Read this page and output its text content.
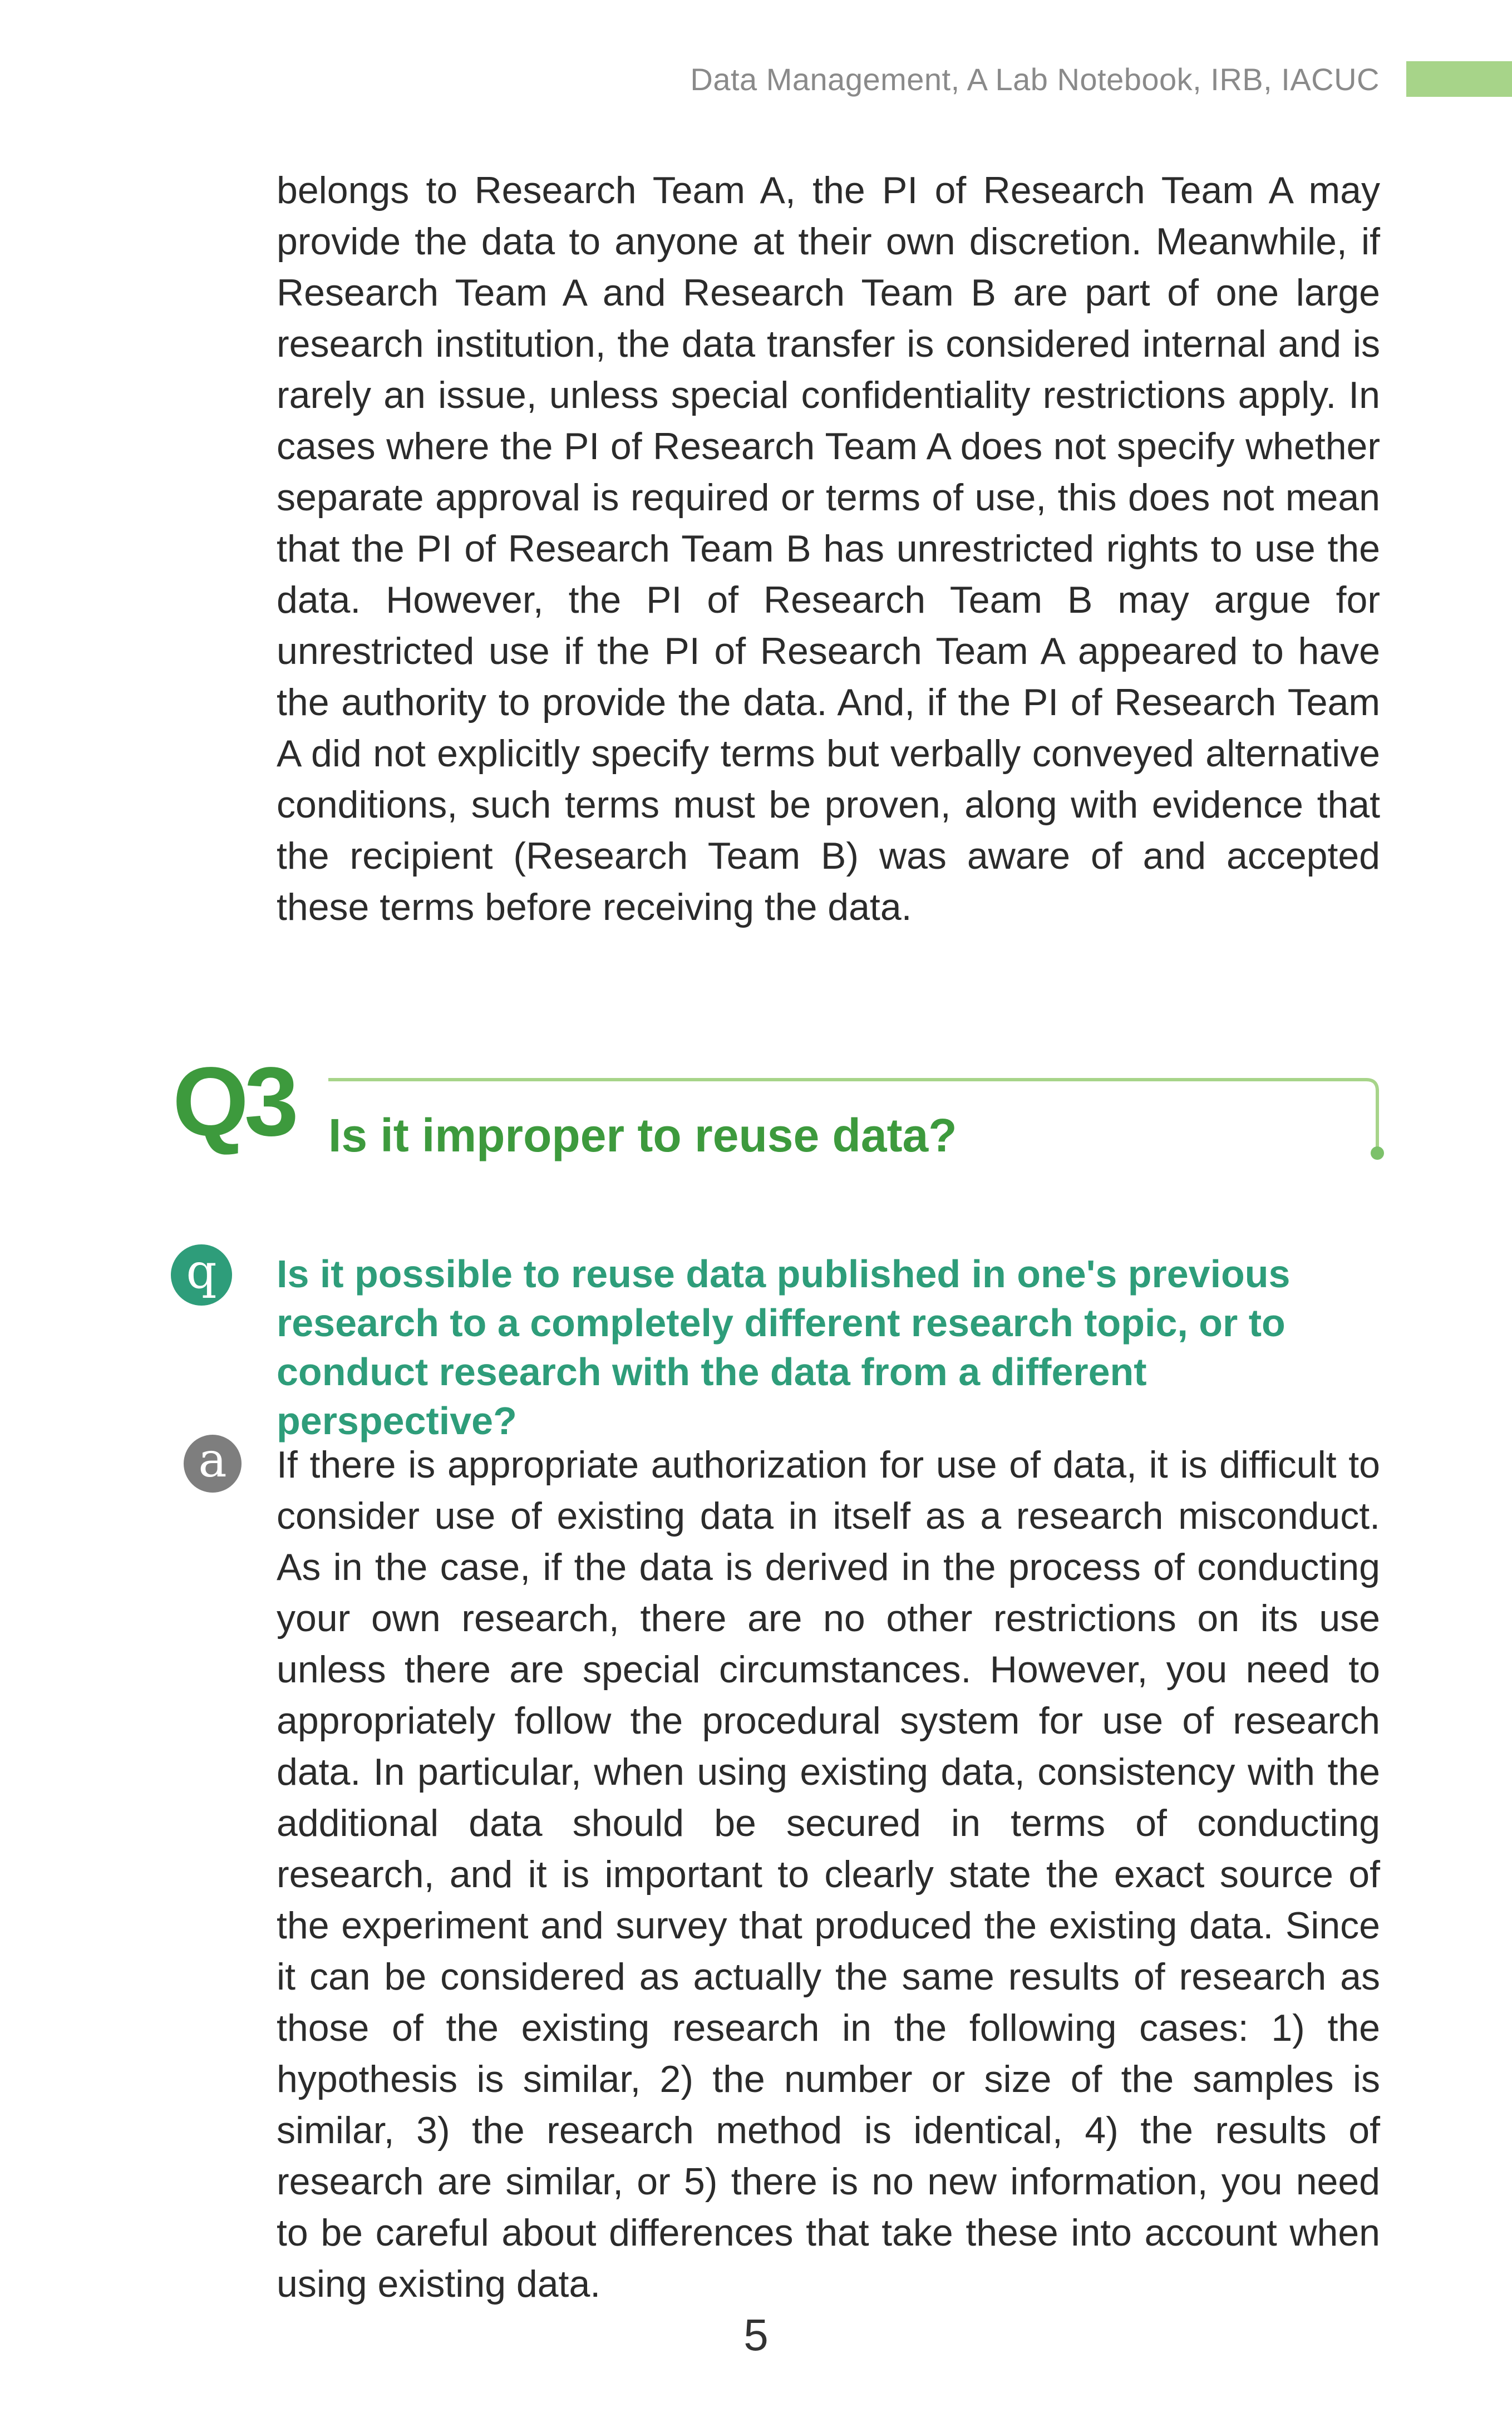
Data Management, A Lab Notebook, IRB, IACUC

belongs to Research Team A, the PI of Research Team A may provide the data to anyone at their own discretion. Meanwhile, if Research Team A and Research Team B are part of one large research institution, the data transfer is considered internal and is rarely an issue, unless special confidentiality restrictions apply. In cases where the PI of Research Team A does not specify whether separate approval is required or terms of use, this does not mean that the PI of Research Team B has unrestricted rights to use the data. However, the PI of Research Team B may argue for unrestricted use if the PI of Research Team A appeared to have the authority to provide the data. And, if the PI of Research Team A did not explicitly specify terms but verbally conveyed alternative conditions, such terms must be proven, along with evidence that the recipient (Research Team B) was aware of and accepted these terms before receiving the data.

Q3 Is it improper to reuse data?
q	Is it possible to reuse data published in one's previous research to a completely different research topic, or to conduct research with the data from a different perspective?

a	If there is appropriate authorization for use of data, it is difficult to consider use of existing data in itself as a research misconduct. As in the case, if the data is derived in the process of conducting your own research, there are no other restrictions on its use unless there are special circumstances. However, you need to appropriately follow the procedural system for use of research data. In particular, when using existing data, consistency with the additional data should be secured in terms of conducting research, and it is important to clearly state the exact source of the experiment and survey that produced the existing data. Since it can be considered as actually the same results of research as those of the existing research in the following cases: 1) the hypothesis is similar, 2) the number or size of the samples is similar, 3) the research method is identical, 4) the results of research are similar, or 5) there is no new information, you need to be careful about differences that take these into account when using existing data.

5
